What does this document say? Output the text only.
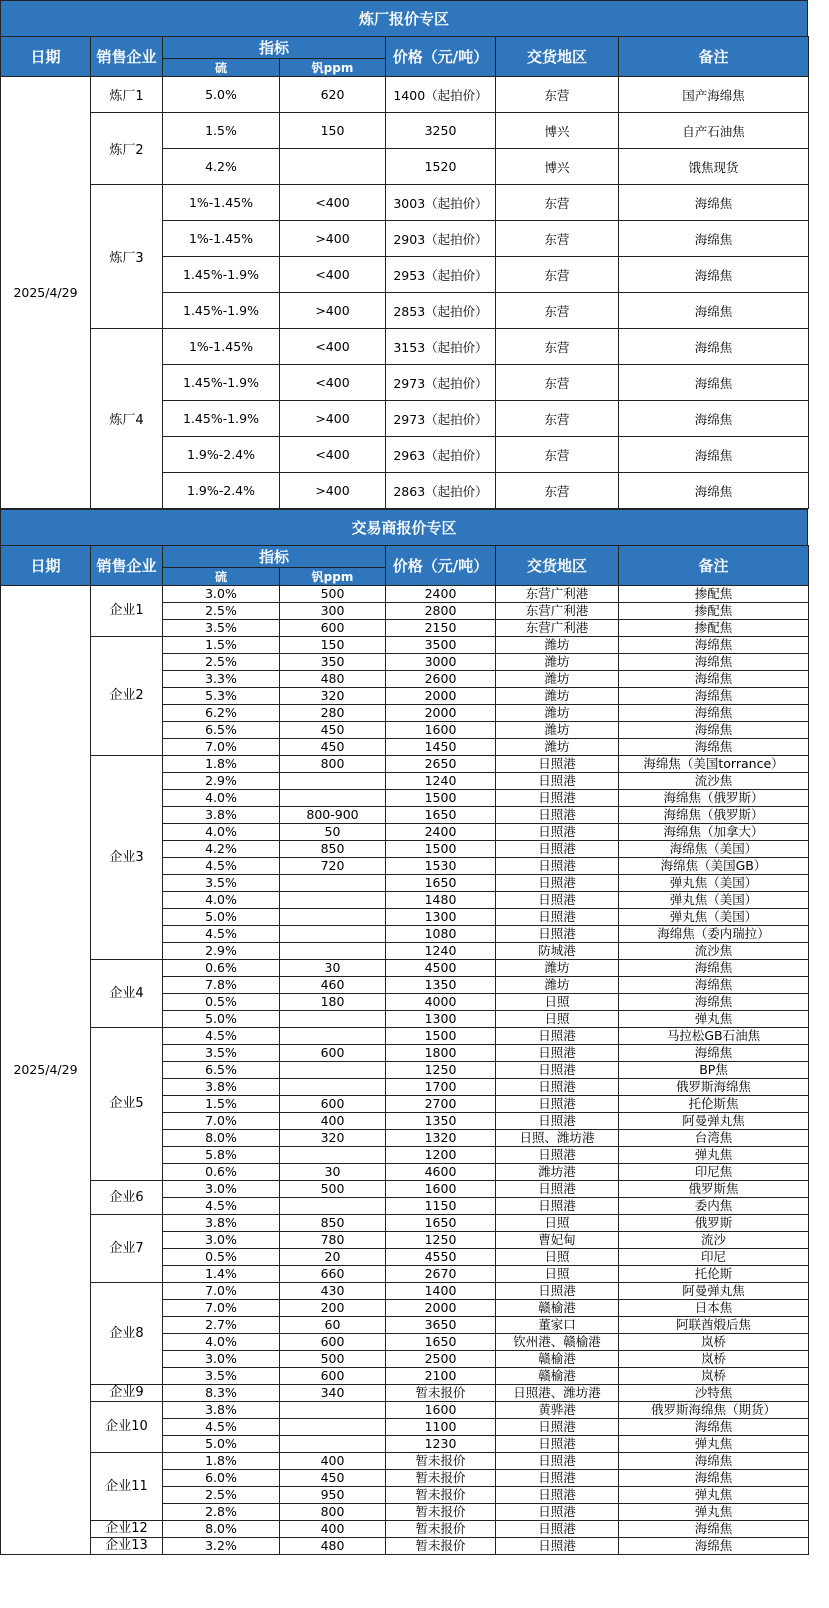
炼厂报价专区
日期	销售企业	指标		价格（元/吨）	交货地区	备注
		硫	钒ppm			
2025/4/29	炼厂1	5.0%	620	1400（起拍价）	东营	国产海绵焦
	炼厂2	1.5%	150	3250	博兴	自产石油焦
		4.2%		1520	博兴	饿焦现货
	炼厂3	1%-1.45%	<400	3003（起拍价）	东营	海绵焦
		1%-1.45%	>400	2903（起拍价）	东营	海绵焦
		1.45%-1.9%	<400	2953（起拍价）	东营	海绵焦
		1.45%-1.9%	>400	2853（起拍价）	东营	海绵焦
	炼厂4	1%-1.45%	<400	3153（起拍价）	东营	海绵焦
		1.45%-1.9%	<400	2973（起拍价）	东营	海绵焦
		1.45%-1.9%	>400	2973（起拍价）	东营	海绵焦
		1.9%-2.4%	<400	2963（起拍价）	东营	海绵焦
		1.9%-2.4%	>400	2863（起拍价）	东营	海绵焦
交易商报价专区
日期	销售企业	指标		价格（元/吨）	交货地区	备注
		硫	钒ppm			
2025/4/29	企业1	3.0%	500	2400	东营广利港	掺配焦
		2.5%	300	2800	东营广利港	掺配焦
		3.5%	600	2150	东营广利港	掺配焦
	企业2	1.5%	150	3500	潍坊	海绵焦
		2.5%	350	3000	潍坊	海绵焦
		3.3%	480	2600	潍坊	海绵焦
		5.3%	320	2000	潍坊	海绵焦
		6.2%	280	2000	潍坊	海绵焦
		6.5%	450	1600	潍坊	海绵焦
		7.0%	450	1450	潍坊	海绵焦
	企业3	1.8%	800	2650	日照港	海绵焦（美国torrance）
		2.9%		1240	日照港	流沙焦
		4.0%		1500	日照港	海绵焦（俄罗斯）
		3.8%	800-900	1650	日照港	海绵焦（俄罗斯）
		4.0%	50	2400	日照港	海绵焦（加拿大）
		4.2%	850	1500	日照港	海绵焦（美国）
		4.5%	720	1530	日照港	海绵焦（美国GB）
		3.5%		1650	日照港	弹丸焦（美国）
		4.0%		1480	日照港	弹丸焦（美国）
		5.0%		1300	日照港	弹丸焦（美国）
		4.5%		1080	日照港	海绵焦（委内瑞拉）
		2.9%		1240	防城港	流沙焦
	企业4	0.6%	30	4500	潍坊	海绵焦
		7.8%	460	1350	潍坊	海绵焦
		0.5%	180	4000	日照	海绵焦
		5.0%		1300	日照	弹丸焦
	企业5	4.5%		1500	日照港	马拉松GB石油焦
		3.5%	600	1800	日照港	海绵焦
		6.5%		1250	日照港	BP焦
		3.8%		1700	日照港	俄罗斯海绵焦
		1.5%	600	2700	日照港	托伦斯焦
		7.0%	400	1350	日照港	阿曼弹丸焦
		8.0%	320	1320	日照、潍坊港	台湾焦
		5.8%		1200	日照港	弹丸焦
		0.6%	30	4600	潍坊港	印尼焦
	企业6	3.0%	500	1600	日照港	俄罗斯焦
		4.5%		1150	日照港	委内焦
	企业7	3.8%	850	1650	日照	俄罗斯
		3.0%	780	1250	曹妃甸	流沙
		0.5%	20	4550	日照	印尼
		1.4%	660	2670	日照	托伦斯
	企业8	7.0%	430	1400	日照港	阿曼弹丸焦
		7.0%	200	2000	赣榆港	日本焦
		2.7%	60	3650	董家口	阿联酋煅后焦
		4.0%	600	1650	钦州港、赣榆港	岚桥
		3.0%	500	2500	赣榆港	岚桥
		3.5%	600	2100	赣榆港	岚桥
	企业9	8.3%	340	暂未报价	日照港、潍坊港	沙特焦
	企业10	3.8%		1600	黄骅港	俄罗斯海绵焦（期货）
		4.5%		1100	日照港	海绵焦
		5.0%		1230	日照港	弹丸焦
	企业11	1.8%	400	暂未报价	日照港	海绵焦
		6.0%	450	暂未报价	日照港	海绵焦
		2.5%	950	暂未报价	日照港	弹丸焦
		2.8%	800	暂未报价	日照港	弹丸焦
	企业12	8.0%	400	暂未报价	日照港	海绵焦
	企业13	3.2%	480	暂未报价	日照港	海绵焦
